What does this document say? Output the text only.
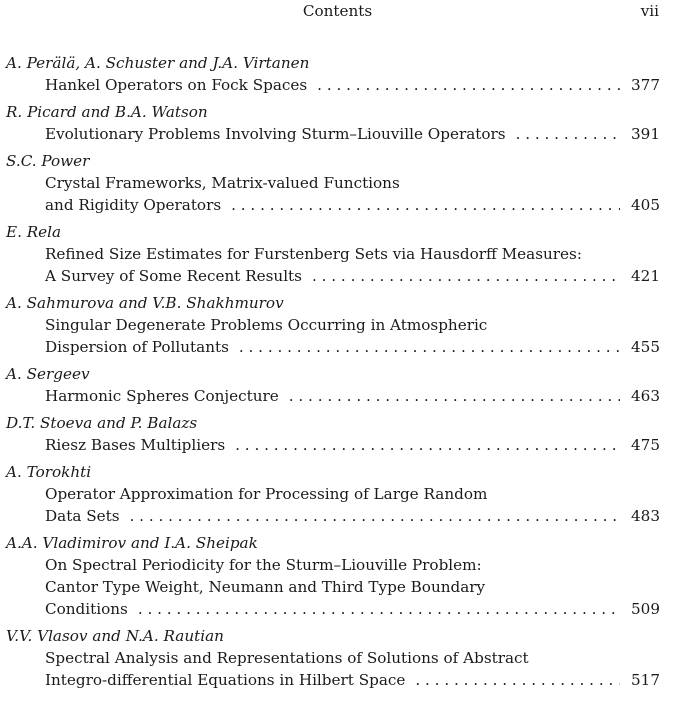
Contents	vii
A. Perälä, A. Schuster and J.A. Virtanen
Hankel Operators on Fock Spaces . . .	377
R. Picard and B.A. Watson
Evolutionary Problems Involving Sturm–Liouville Operators . . .	391
S.C. Power
Crystal Frameworks, Matrix-valued Functions
and Rigidity Operators . . .	405
E. Rela
Refined Size Estimates for Furstenberg Sets via Hausdorff Measures:
A Survey of Some Recent Results . . .	421
A. Sahmurova and V.B. Shakhmurov
Singular Degenerate Problems Occurring in Atmospheric
Dispersion of Pollutants . . .	455
A. Sergeev
Harmonic Spheres Conjecture . . .	463
D.T. Stoeva and P. Balazs
Riesz Bases Multipliers . . .	475
A. Torokhti
Operator Approximation for Processing of Large Random
Data Sets . . .	483
A.A. Vladimirov and I.A. Sheipak
On Spectral Periodicity for the Sturm–Liouville Problem:
Cantor Type Weight, Neumann and Third Type Boundary
Conditions . . .	509
V.V. Vlasov and N.A. Rautian
Spectral Analysis and Representations of Solutions of Abstract
Integro-differential Equations in Hilbert Space . . .	517
